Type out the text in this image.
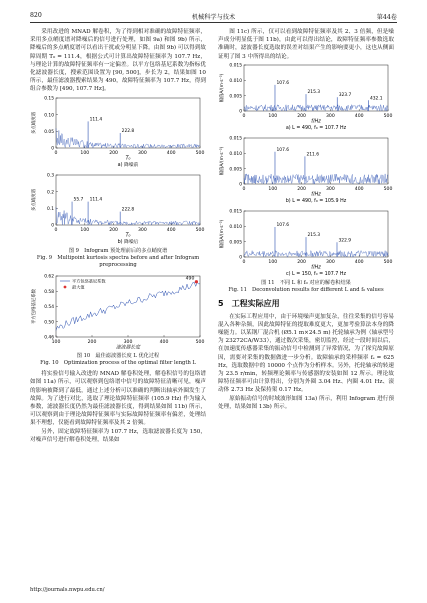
820	机械科学与技术	第44卷

采用改进的 MNAD 解卷积，为了得到相对准确的故障特征频率，采用多点峭度谱对降噪后的信号进行处理，如图 9a) 和图 9b) 所示，降噪后的多点峭度谱可以看出干扰或分明显下降。由图 9b) 可以得到故障周期 T₀ = 111.4，根据公式可计算出故障特征频率为 107.7 Hz，与理论计算的故障特征频率有一定偏差。以平方包络基尼系数为指标优化滤波器长度，搜索范围设置为 [90, 500]，步长为 2，结果如图 10 所示，最佳滤波器搜索结果为 490，故障特征频率为 107.7 Hz，得到组合参数为 [490, 107.7 Hz]。

0	100	200	300	400	500
0
0.05
0.10
0.15
T₀
多点峭度谱
a) 降噪前
111.4
222.8

0	100	200	300	400	500
0
0.1
0.2
0.3
T₀
多点峭度谱
b) 降噪后
55.7 111.4
222.8

图 9　Infogram 预处理前后的多点峭度谱

Fig. 9　Multipoint kurtosis spectra before and after Infogram preprocessing

100	200	300	400	500
0.46
0.50
0.54
0.58
0.62
滤波器长度
平方包络基尼系数
490
平方包络基尼系数
最大值

图 10　最佳滤波器长度 L 优化过程

Fig. 10　Optimization process of the optimal filter length L

将实验信号输入改进的 MNAD 解卷积处理，解卷积信号的包络谱如图 11a) 所示，可以观察到包络谱中信号的故障特征清晰可见，噪声的影响被降到了最低，通过上述分析可以准确的判断出轴承外圈发生了故障。为了进行对比，选取了理论故障特征频率 (105.9 Hz) 作为输入参数，滤波器长度仍然为最佳滤波器长度，得到结果如图 11b) 所示，可以观察到由于理论故障特征频率与实际故障特征频率有偏差，处理结果不理想，仅能看到故障特征频率及其 2 倍频。

另外，固定故障特征频率为 107.7 Hz，选取滤波器长度为 150，对噪声信号进行解卷积处理，结果如

图 11c) 所示，仅可以看到故障特征频率及其 2、3 倍频，但是噪声成分明显低于图 11b)，由此可以得出结论，故障特征频率参数选取准确时，滤波器长度选取的误差对结果产生的影响要更小，这也从侧面证明了图 3 中所得出的结论。

0	100	200	300	400	500
0
0.005
0.010
0.015
f/Hz
幅值A/(m·s⁻²)
a) L = 490, f₀ = 107.7 Hz
107.6
215.3
323.7
432.1

0	100	200	300	400	500
0
0.005
0.010
0.015
f/Hz
幅值A/(m·s⁻²)
b) L = 490, f₀ = 105.9 Hz
107.6
211.6

0	100	200	300	400	500
0
0.005
0.010
0.015
f/Hz
幅值A/(m·s⁻²)
c) L = 150, f₀ = 107.7 Hz
107.6
215.3
322.9

图 11　不同 L 和 f₀ 对应的解卷积结果

Fig. 11　Deconvolution results for different L and f₀ values

5　工程实际应用

在实际工程应用中，由于环境噪声更加复杂，往往采集的信号容易混入各种杂频，因此故障特征的提取难度更大，更加考验算法本身的降噪能力。以某钢厂混合机 (Ø5.1 m×24.5 m) 托轮轴承为例（轴承型号为 23272CA/W33），通过数次采集，密切监控，经过一段时间以后，在加速度传感器采集的振动信号中检测到了异常情况，为了探究故障原因，需要对采集的数据做进一步分析。故障轴承的采样频率 fₛ = 625 Hz，选取数据中的 10000 个点作为分析样本。另外，托轮轴承的转速为 23.5 r/min，转频理论频率与传感器的安装如图 12 所示。理论故障特征频率可由计算得出，分别为外圈 3.04 Hz、内圈 4.01 Hz、滚动体 2.73 Hz 及保持架 0.17 Hz。

原始振动信号的时域波形如图 13a) 所示，利用 Infogram 进行预处理，结果如图 13b) 所示。

http://journals.nwpu.edu.cn/
